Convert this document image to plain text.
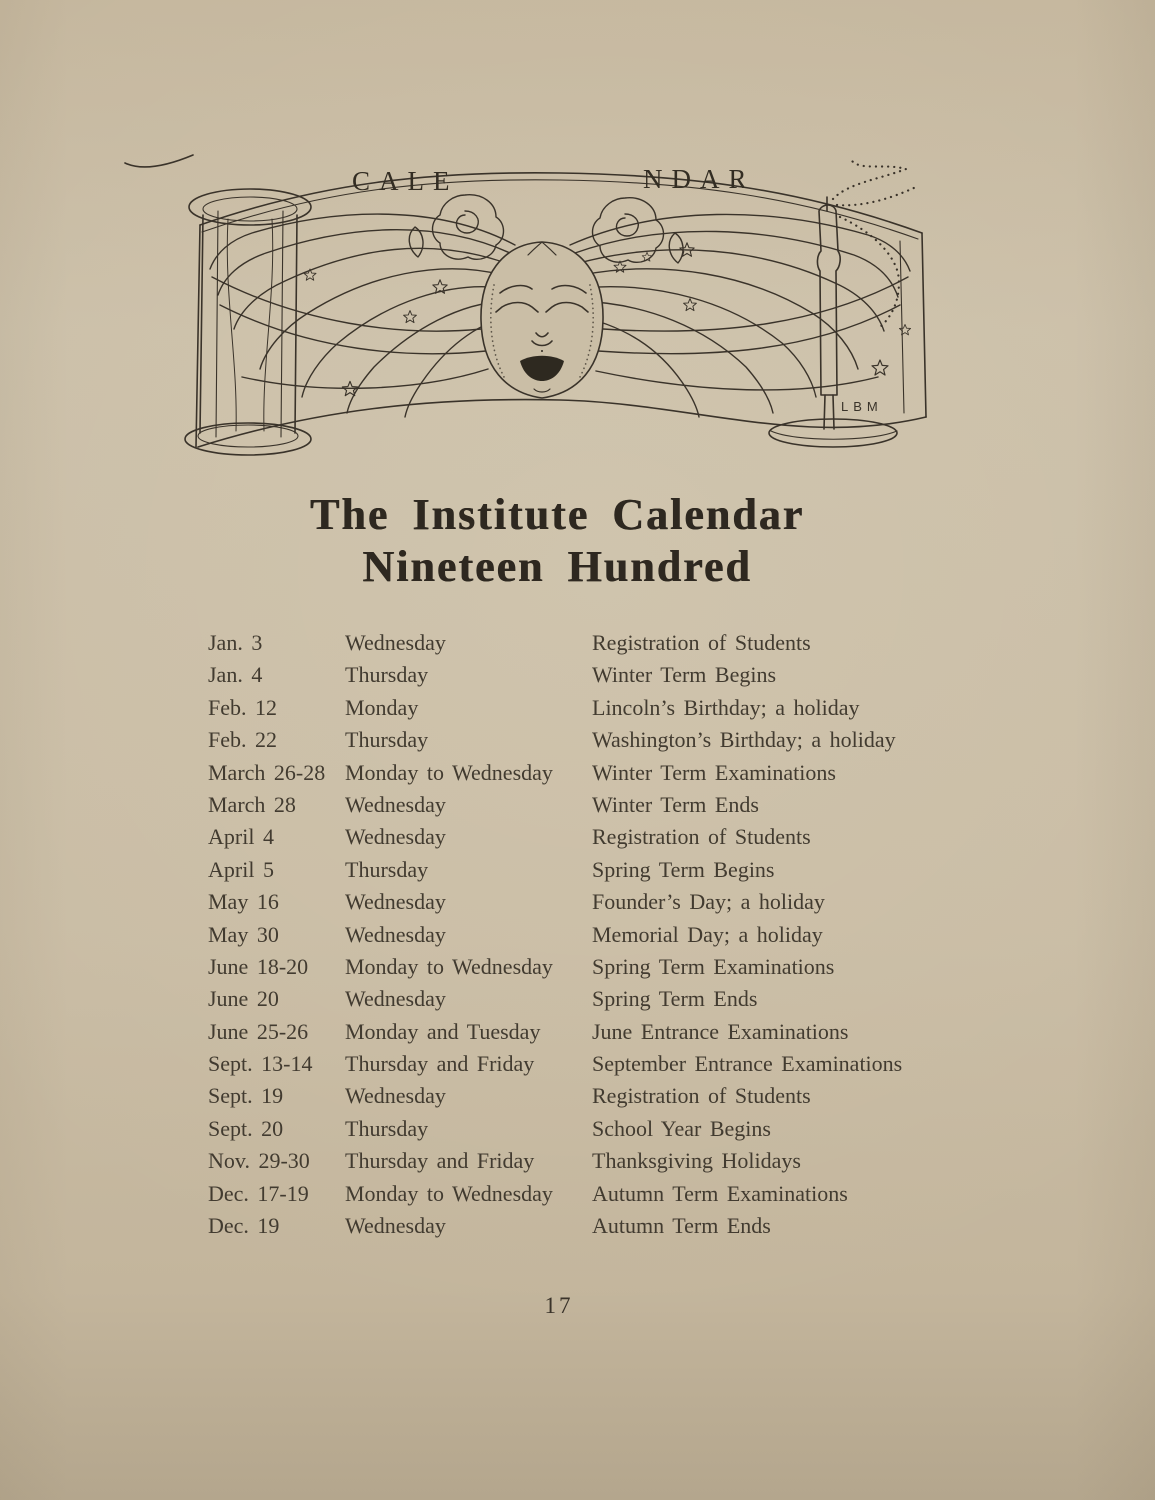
CALE	NDAR
LBM
The Institute Calendar
Nineteen Hundred
Jan. 3	Wednesday	Registration of Students
Jan. 4	Thursday	Winter Term Begins
Feb. 12	Monday	Lincoln’s Birthday; a holiday
Feb. 22	Thursday	Washington’s Birthday; a holiday
March 26-28 Monday to Wednesday	Winter Term Examinations
March 28	Wednesday	Winter Term Ends
April 4	Wednesday	Registration of Students
April 5	Thursday	Spring Term Begins
May 16	Wednesday	Founder’s Day; a holiday
May 30	Wednesday	Memorial Day; a holiday
June 18-20	Monday to Wednesday	Spring Term Examinations
June 20	Wednesday	Spring Term Ends
June 25-26	Monday and Tuesday	June Entrance Examinations
Sept. 13-14	Thursday and Friday	September Entrance Examinations
Sept. 19	Wednesday	Registration of Students
Sept. 20	Thursday	School Year Begins
Nov. 29-30	Thursday and Friday	Thanksgiving Holidays
Dec. 17-19	Monday to Wednesday	Autumn Term Examinations
Dec. 19	Wednesday	Autumn Term Ends
17
